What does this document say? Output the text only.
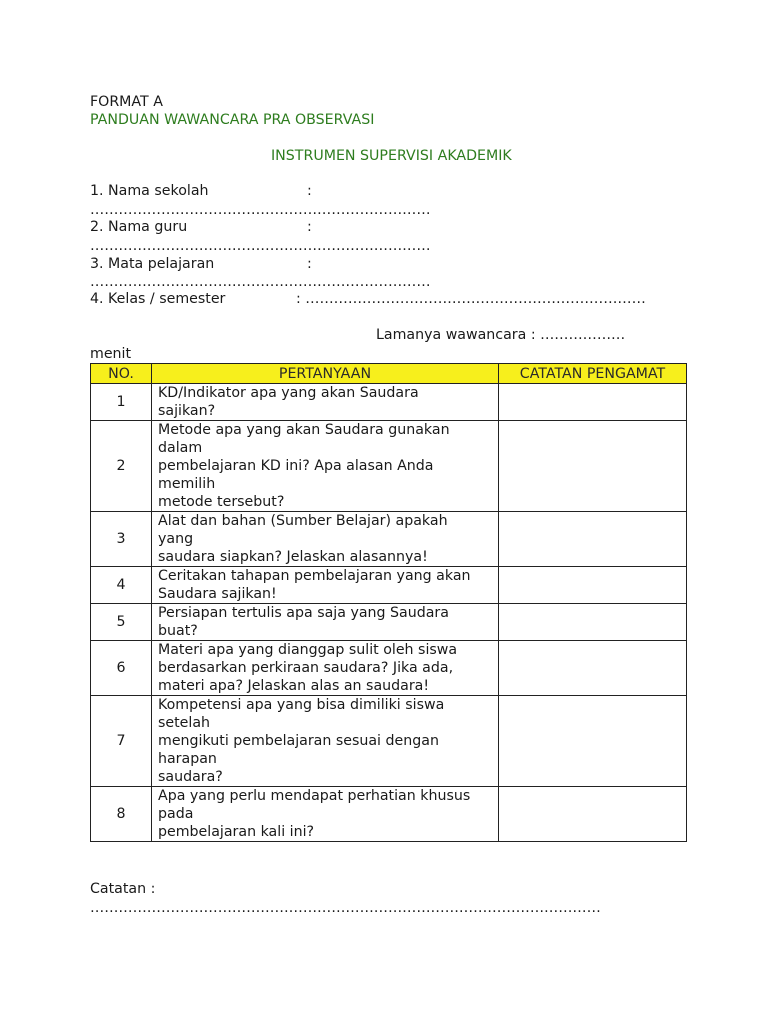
FORMAT A
PANDUAN WAWANCARA PRA OBSERVASI
INSTRUMEN SUPERVISI AKADEMIK
1. Nama sekolah	:
………………………………………………………………
2. Nama guru	:
………………………………………………………………
3. Mata pelajaran	:
………………………………………………………………
4. Kelas / semester	: ………………………………………………………………
Lamanya wawancara : ………………
menit
NO.	PERTANYAAN	CATATAN PENGAMAT
1	KD/Indikator apa yang akan Saudara
sajikan?	

2	Metode apa yang akan Saudara gunakan
dalam
pembelajaran KD ini? Apa alasan Anda
memilih
metode tersebut?	

3	Alat dan bahan (Sumber Belajar) apakah
yang
saudara siapkan? Jelaskan alasannya!	

4	Ceritakan tahapan pembelajaran yang akan
Saudara sajikan!	

5	Persiapan tertulis apa saja yang Saudara
buat?	

6	Materi apa yang dianggap sulit oleh siswa
berdasarkan perkiraan saudara? Jika ada,
materi apa? Jelaskan alas an saudara!	

7	Kompetensi apa yang bisa dimiliki siswa
setelah
mengikuti pembelajaran sesuai dengan
harapan
saudara?	

8	Apa yang perlu mendapat perhatian khusus
pada
pembelajaran kali ini?	

Catatan :
………………………………………………………………………………………………
